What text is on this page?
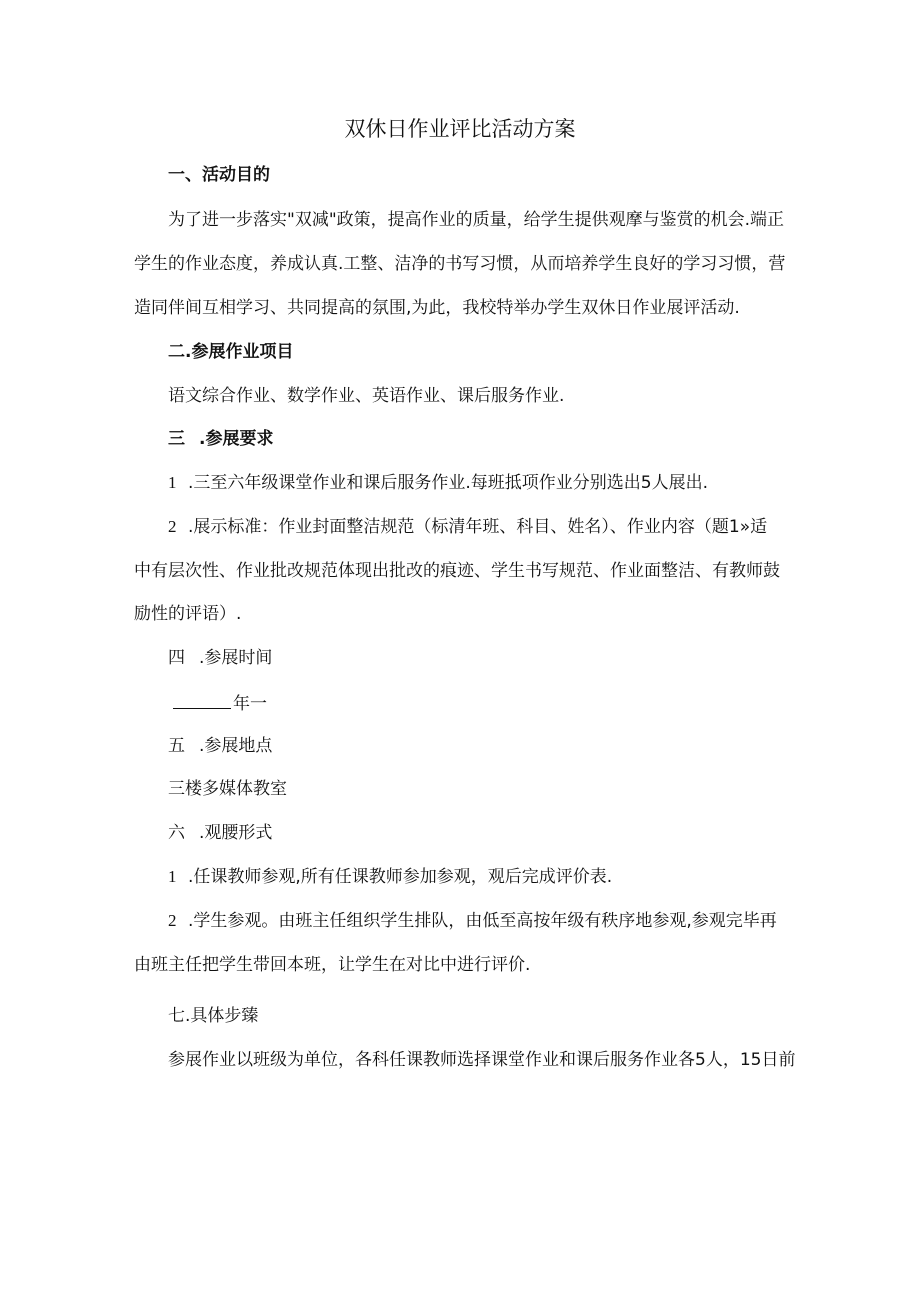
双休日作业评比活动方案
一、活动目的
为了进一步落实"双减"政策，提高作业的质量，给学生提供观摩与鉴赏的机会.端正
学生的作业态度，养成认真.工整、洁净的书写习惯，从而培养学生良好的学习习惯，营
造同伴间互相学习、共同提高的氛围,为此，我校特举办学生双休日作业展评活动.
二.参展作业项目
语文综合作业、数学作业、英语作业、课后服务作业.
三 .参展要求
1 .三至六年级课堂作业和课后服务作业.每班抵项作业分别选出5人展出.
2 .展示标准：作业封面整洁规范（标清年班、科目、姓名）、作业内容（题1»适
中有层次性、作业批改规范体现出批改的痕迹、学生书写规范、作业面整洁、有教师鼓
励性的评语）.
四 .参展时间
年一
五 .参展地点
三楼多媒体教室
六 .观腰形式
1 .任课教师参观,所有任课教师参加参观，观后完成评价表.
2 .学生参观。由班主任组织学生排队，由低至高按年级有秩序地参观,参观完毕再
由班主任把学生带回本班，让学生在对比中进行评价.
七.具体步臻
参展作业以班级为单位，各科任课教师选择课堂作业和课后服务作业各5人，15日前
